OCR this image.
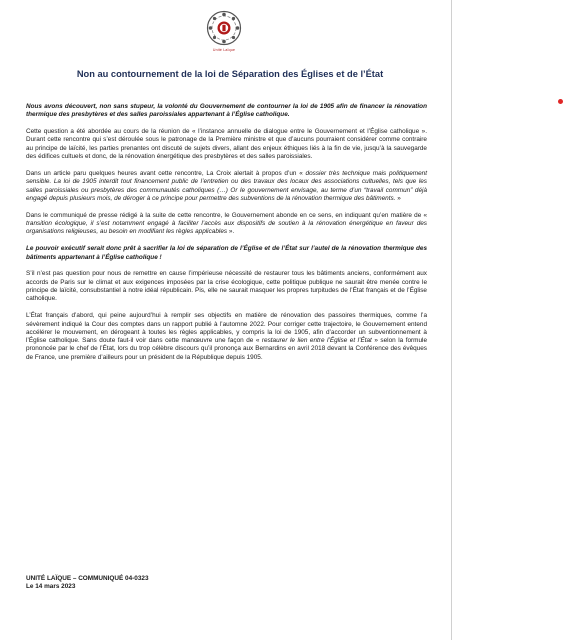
Unité Laïque
Non au contournement de la loi de Séparation des Églises et de l’État

Nous avons découvert, non sans stupeur, la volonté du Gouvernement de contourner la loi de 1905 afin de financer la rénovation thermique des presbytères et des salles paroissiales appartenant à l’Église catholique.

Cette question a été abordée au cours de la réunion de « l’instance annuelle de dialogue entre le Gouvernement et l’Église catholique ». Durant cette rencontre qui s’est déroulée sous le patronage de la Première ministre et que d’aucuns pourraient considérer comme contraire au principe de laïcité, les parties prenantes ont discuté de sujets divers, allant des enjeux éthiques liés à la fin de vie, jusqu’à la sauvegarde des édifices cultuels et donc, de la rénovation énergétique des presbytères et des salles paroissiales.

Dans un article paru quelques heures avant cette rencontre, La Croix alertait à propos d’un « dossier très technique mais politiquement sensible. La loi de 1905 interdit tout financement public de l’entretien ou des travaux des locaux des associations cultuelles, tels que les salles paroissiales ou presbytères des communautés catholiques (…) Or le gouvernement envisage, au terme d’un “travail commun” déjà engagé depuis plusieurs mois, de déroger à ce principe pour permettre des subventions de la rénovation thermique des bâtiments. »

Dans le communiqué de presse rédigé à la suite de cette rencontre, le Gouvernement abonde en ce sens, en indiquant qu’en matière de « transition écologique, il s’est notamment engagé à faciliter l’accès aux dispositifs de soutien à la rénovation énergétique en faveur des organisations religieuses, au besoin en modifiant les règles applicables ».

Le pouvoir exécutif serait donc prêt à sacrifier la loi de séparation de l’Église et de l’État sur l’autel de la rénovation thermique des bâtiments appartenant à l’Église catholique !

S’il n’est pas question pour nous de remettre en cause l’impérieuse nécessité de restaurer tous les bâtiments anciens, conformément aux accords de Paris sur le climat et aux exigences imposées par la crise écologique, cette politique publique ne saurait être menée contre le principe de laïcité, consubstantiel à notre idéal républicain. Pis, elle ne saurait masquer les propres turpitudes de l’État français et de l’Église catholique.

L’État français d’abord, qui peine aujourd’hui à remplir ses objectifs en matière de rénovation des passoires thermiques, comme l’a sévèrement indiqué la Cour des comptes dans un rapport publié à l’automne 2022. Pour corriger cette trajectoire, le Gouvernement entend accélérer le mouvement, en dérogeant à toutes les règles applicables, y compris la loi de 1905, afin d’accorder un subventionnement à l’Église catholique. Sans doute faut-il voir dans cette manœuvre une façon de « restaurer le lien entre l’Église et l’État » selon la formule prononcée par le chef de l’État, lors du trop célèbre discours qu’il prononça aux Bernardins en avril 2018 devant la Conférence des évêques de France, une première d’ailleurs pour un président de la République depuis 1905.

UNITÉ LAÏQUE – COMMUNIQUÉ 04-0323
Le 14 mars 2023
